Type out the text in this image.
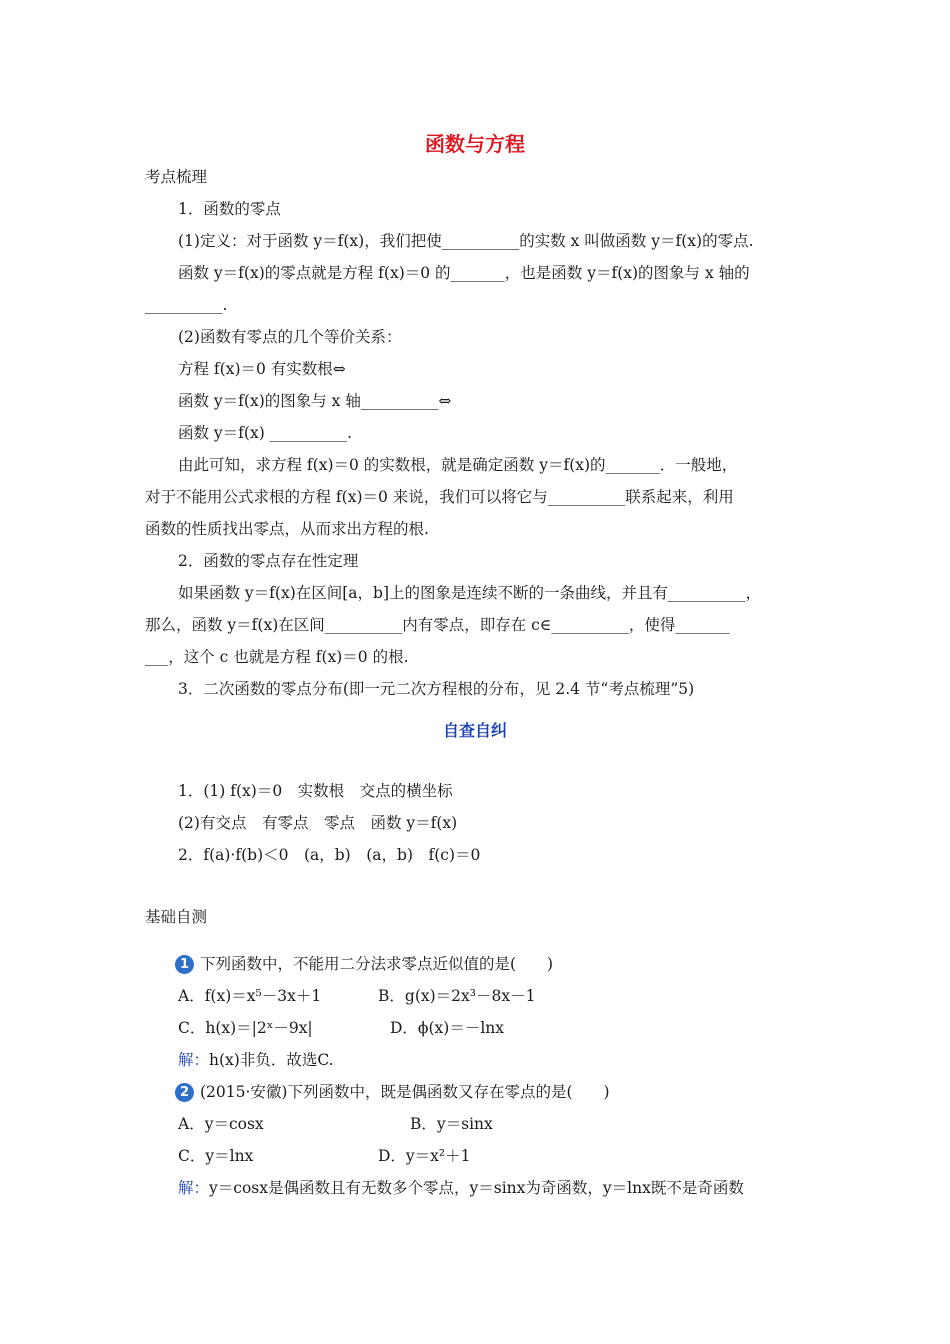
函数与方程
考点梳理
1．函数的零点
(1)定义：对于函数 y＝f(x)，我们把使__________的实数 x 叫做函数 y＝f(x)的零点.
函数 y＝f(x)的零点就是方程 f(x)＝0 的_______，也是函数 y＝f(x)的图象与 x 轴的
__________.
(2)函数有零点的几个等价关系：
方程 f(x)＝0 有实数根⇔
函数 y＝f(x)的图象与 x 轴__________⇔
函数 y＝f(x) __________.
由此可知，求方程 f(x)＝0 的实数根，就是确定函数 y＝f(x)的_______．一般地，
对于不能用公式求根的方程 f(x)＝0 来说，我们可以将它与__________联系起来，利用
函数的性质找出零点，从而求出方程的根.
2．函数的零点存在性定理
如果函数 y＝f(x)在区间[a，b]上的图象是连续不断的一条曲线，并且有__________，
那么，函数 y＝f(x)在区间__________内有零点，即存在 c∈__________，使得_______
___，这个 c 也就是方程 f(x)＝0 的根.
3．二次函数的零点分布(即一元二次方程根的分布，见 2.4 节“考点梳理”5)
自查自纠
1．(1) f(x)＝0　实数根　交点的横坐标
(2)有交点　有零点　零点　函数 y＝f(x)
2．f(a)·f(b)＜0　(a，b)　(a，b)　f(c)＝0
基础自测
1 下列函数中，不能用二分法求零点近似值的是(　　)
A．f(x)＝x⁵－3x＋1	B．g(x)＝2x³－8x－1
C．h(x)＝|2ˣ－9x|	D．ϕ(x)＝－lnx
解：h(x)非负．故选C.
2 (2015·安徽)下列函数中，既是偶函数又存在零点的是(　　)
A．y＝cosx	B．y＝sinx
C．y＝lnx	D．y＝x²＋1
解：y＝cosx是偶函数且有无数多个零点，y＝sinx为奇函数，y＝lnx既不是奇函数
